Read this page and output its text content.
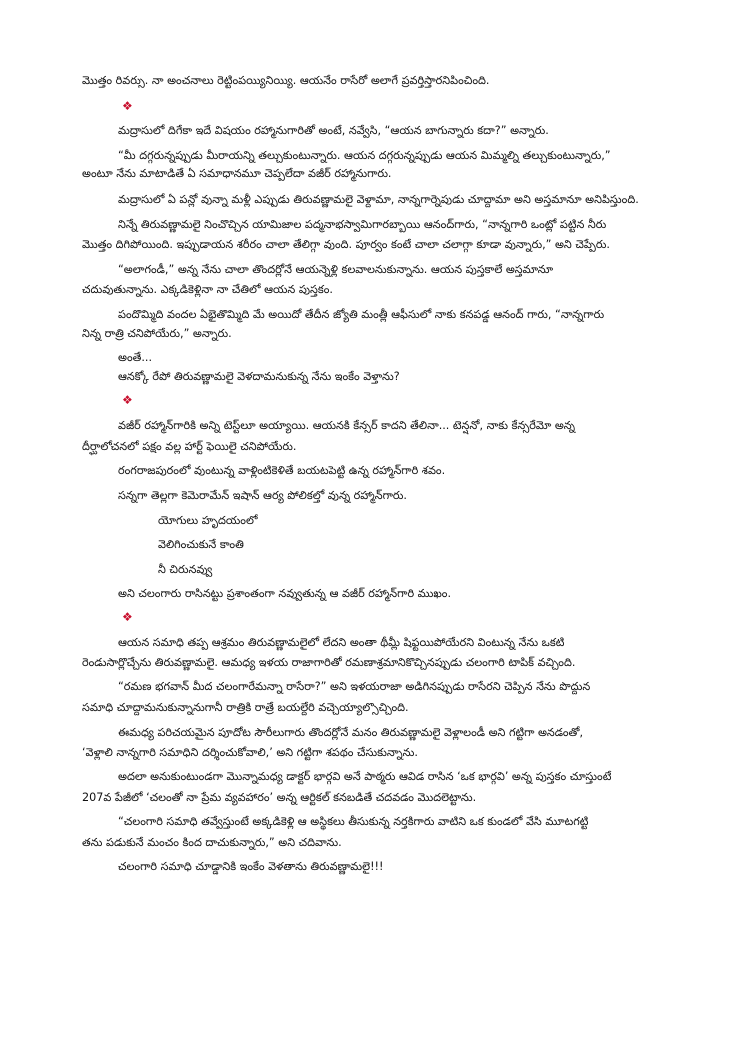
మొత్తం రివర్సు. నా అంచనాలు రెట్టింపయ్యినియ్యి. ఆయనేం రాసేరో అలాగే ప్రవర్తిస్తారనిపించింది.
❖
మద్రాసులో దిగేకా ఇదే విషయం రహ్మానుగారితో అంటే, నవ్వేసి, “ఆయన బాగున్నారు కదా?” అన్నారు.
“మీ దగ్గరున్నప్పుడు మీరాయన్ని తల్చుకుంటున్నారు. ఆయన దగ్గరున్నప్పుడు ఆయన మిమ్మల్ని తల్చుకుంటున్నారు,”
అంటూ నేను మాటాడితే ఏ సమాధానమూ చెప్పలేదా వజీర్ రహ్మానుగారు.
మద్రాసులో ఏ పన్లో వున్నా మళ్లీ ఎప్పుడు తిరువణ్ణామలై వెళ్దామా, నాన్నగార్నెపుడు చూద్దామా అని అస్తమానూ అనిపిస్తుంది.
నిన్నే తిరువణ్ణామలై నించొచ్చిన యామిజాల పద్మనాభస్వామిగారబ్బాయి ఆనంద్‌గారు, “నాన్నగారి ఒంట్లో పట్టిన నీరు
మొత్తం దిగిపోయింది. ఇప్పుడాయన శరీరం చాలా తేలిగ్గా వుంది. పూర్వం కంటే చాలా చలాగ్గా కూడా వున్నారు,” అని చెప్పేరు.
“అలాగండీ,” అన్న నేను చాలా తొందర్లోనే ఆయన్నెళ్లి కలవాలనుకున్నాను. ఆయన పుస్తకాలే అస్తమానూ
చదువుతున్నాను. ఎక్కడికెళ్లినా నా చేతిలో ఆయన పుస్తకం.
పందొమ్మిది వందల ఏభైతొమ్మిది మే అయిదో తేదీన జ్యోతి మంత్లీ ఆఫీసులో నాకు కనపడ్డ ఆనంద్ గారు, “నాన్నగారు
నిన్న రాత్రి చనిపోయేరు,” అన్నారు.
అంతే...
ఆనక్కో రేపో తిరువణ్ణామలై వెళదామనుకున్న నేను ఇంకేం వెళ్తాను?
❖
వజీర్ రహ్మాన్‌గారికి అన్ని టెస్ట్‌లూ అయ్యాయి. ఆయనకి కేన్సర్ కాదని తేలినా... టెన్షనో, నాకు కేన్సరేమో అన్న
దీర్ఘాలోచనలో పక్షం వల్ల హార్ట్ ఫెయిలై చనిపోయేరు.
రంగరాజపురంలో వుంటున్న వాళ్లింటికెళితే బయటపెట్టి ఉన్న రహ్మాన్‌గారి శవం.
సన్నగా తెల్లగా కెమెరామేన్ ఇషాన్ ఆర్య పోలికల్తో వున్న రహ్మాన్‌గారు.
యోగులు హృదయంలో
వెలిగించుకునే కాంతి
నీ చిరునవ్వు
అని చలంగారు రాసినట్టు ప్రశాంతంగా నవ్వుతున్న ఆ వజీర్ రహ్మాన్‌గారి ముఖం.
❖
ఆయన సమాధి తప్ప ఆశ్రమం తిరువణ్ణామలైలో లేదని అంతా థీమ్లీ షిఫ్టయిపోయేరని వింటున్న నేను ఒకటి
రెండుసార్లొచ్చేను తిరువణ్ణామలై. ఆమధ్య ఇళయ రాజాగారితో రమణాశ్రమానికొచ్చినప్పుడు చలంగారి టాపిక్ వచ్చింది.
“రమణ భగవాన్ మీద చలంగారేమన్నా రాసేరా?” అని ఇళయరాజా అడిగినప్పుడు రాసేరని చెప్పిన నేను పొద్దున
సమాధి చూద్దామనుకున్నానుగానీ రాత్రికి రాత్రే బయల్దేరి వచ్చెయ్యాల్సొచ్చింది.
ఈమధ్య పరిచయమైన పూదోట సౌరీలుగారు తొందర్లోనే మనం తిరువణ్ణామలై వెళ్లాలండీ అని గట్టిగా అనడంతో,
‘వెళ్లాలి నాన్నగారి సమాధిని దర్శించుకోవాలి,’ అని గట్టిగా శపథం చేసుకున్నాను.
అదలా అనుకుంటుండగా మొన్నామధ్య డాక్టర్ భార్గవి అనే పాఠ్మరు ఆవిడ రాసిన ‘ఒక భార్గవి’ అన్న పుస్తకం చూస్తుంటే
207వ పేజీలో ‘చలంతో నా ప్రేమ వ్యవహారం’ అన్న ఆర్టికల్ కనబడితే చదవడం మొదలెట్టాను.
“చలంగారి సమాధి తవ్వేస్తుంటే అక్కడికెళ్లి ఆ అస్థికలు తీసుకున్న నర్తకిగారు వాటిని ఒక కుండలో వేసి మూటగట్టి
తను పడుకునే మంచం కింద దాచుకున్నారు,” అని చదివాను.
చలంగారి సమాధి చూడ్డానికి ఇంకేం వెళతాను తిరువణ్ణామలై!!!
